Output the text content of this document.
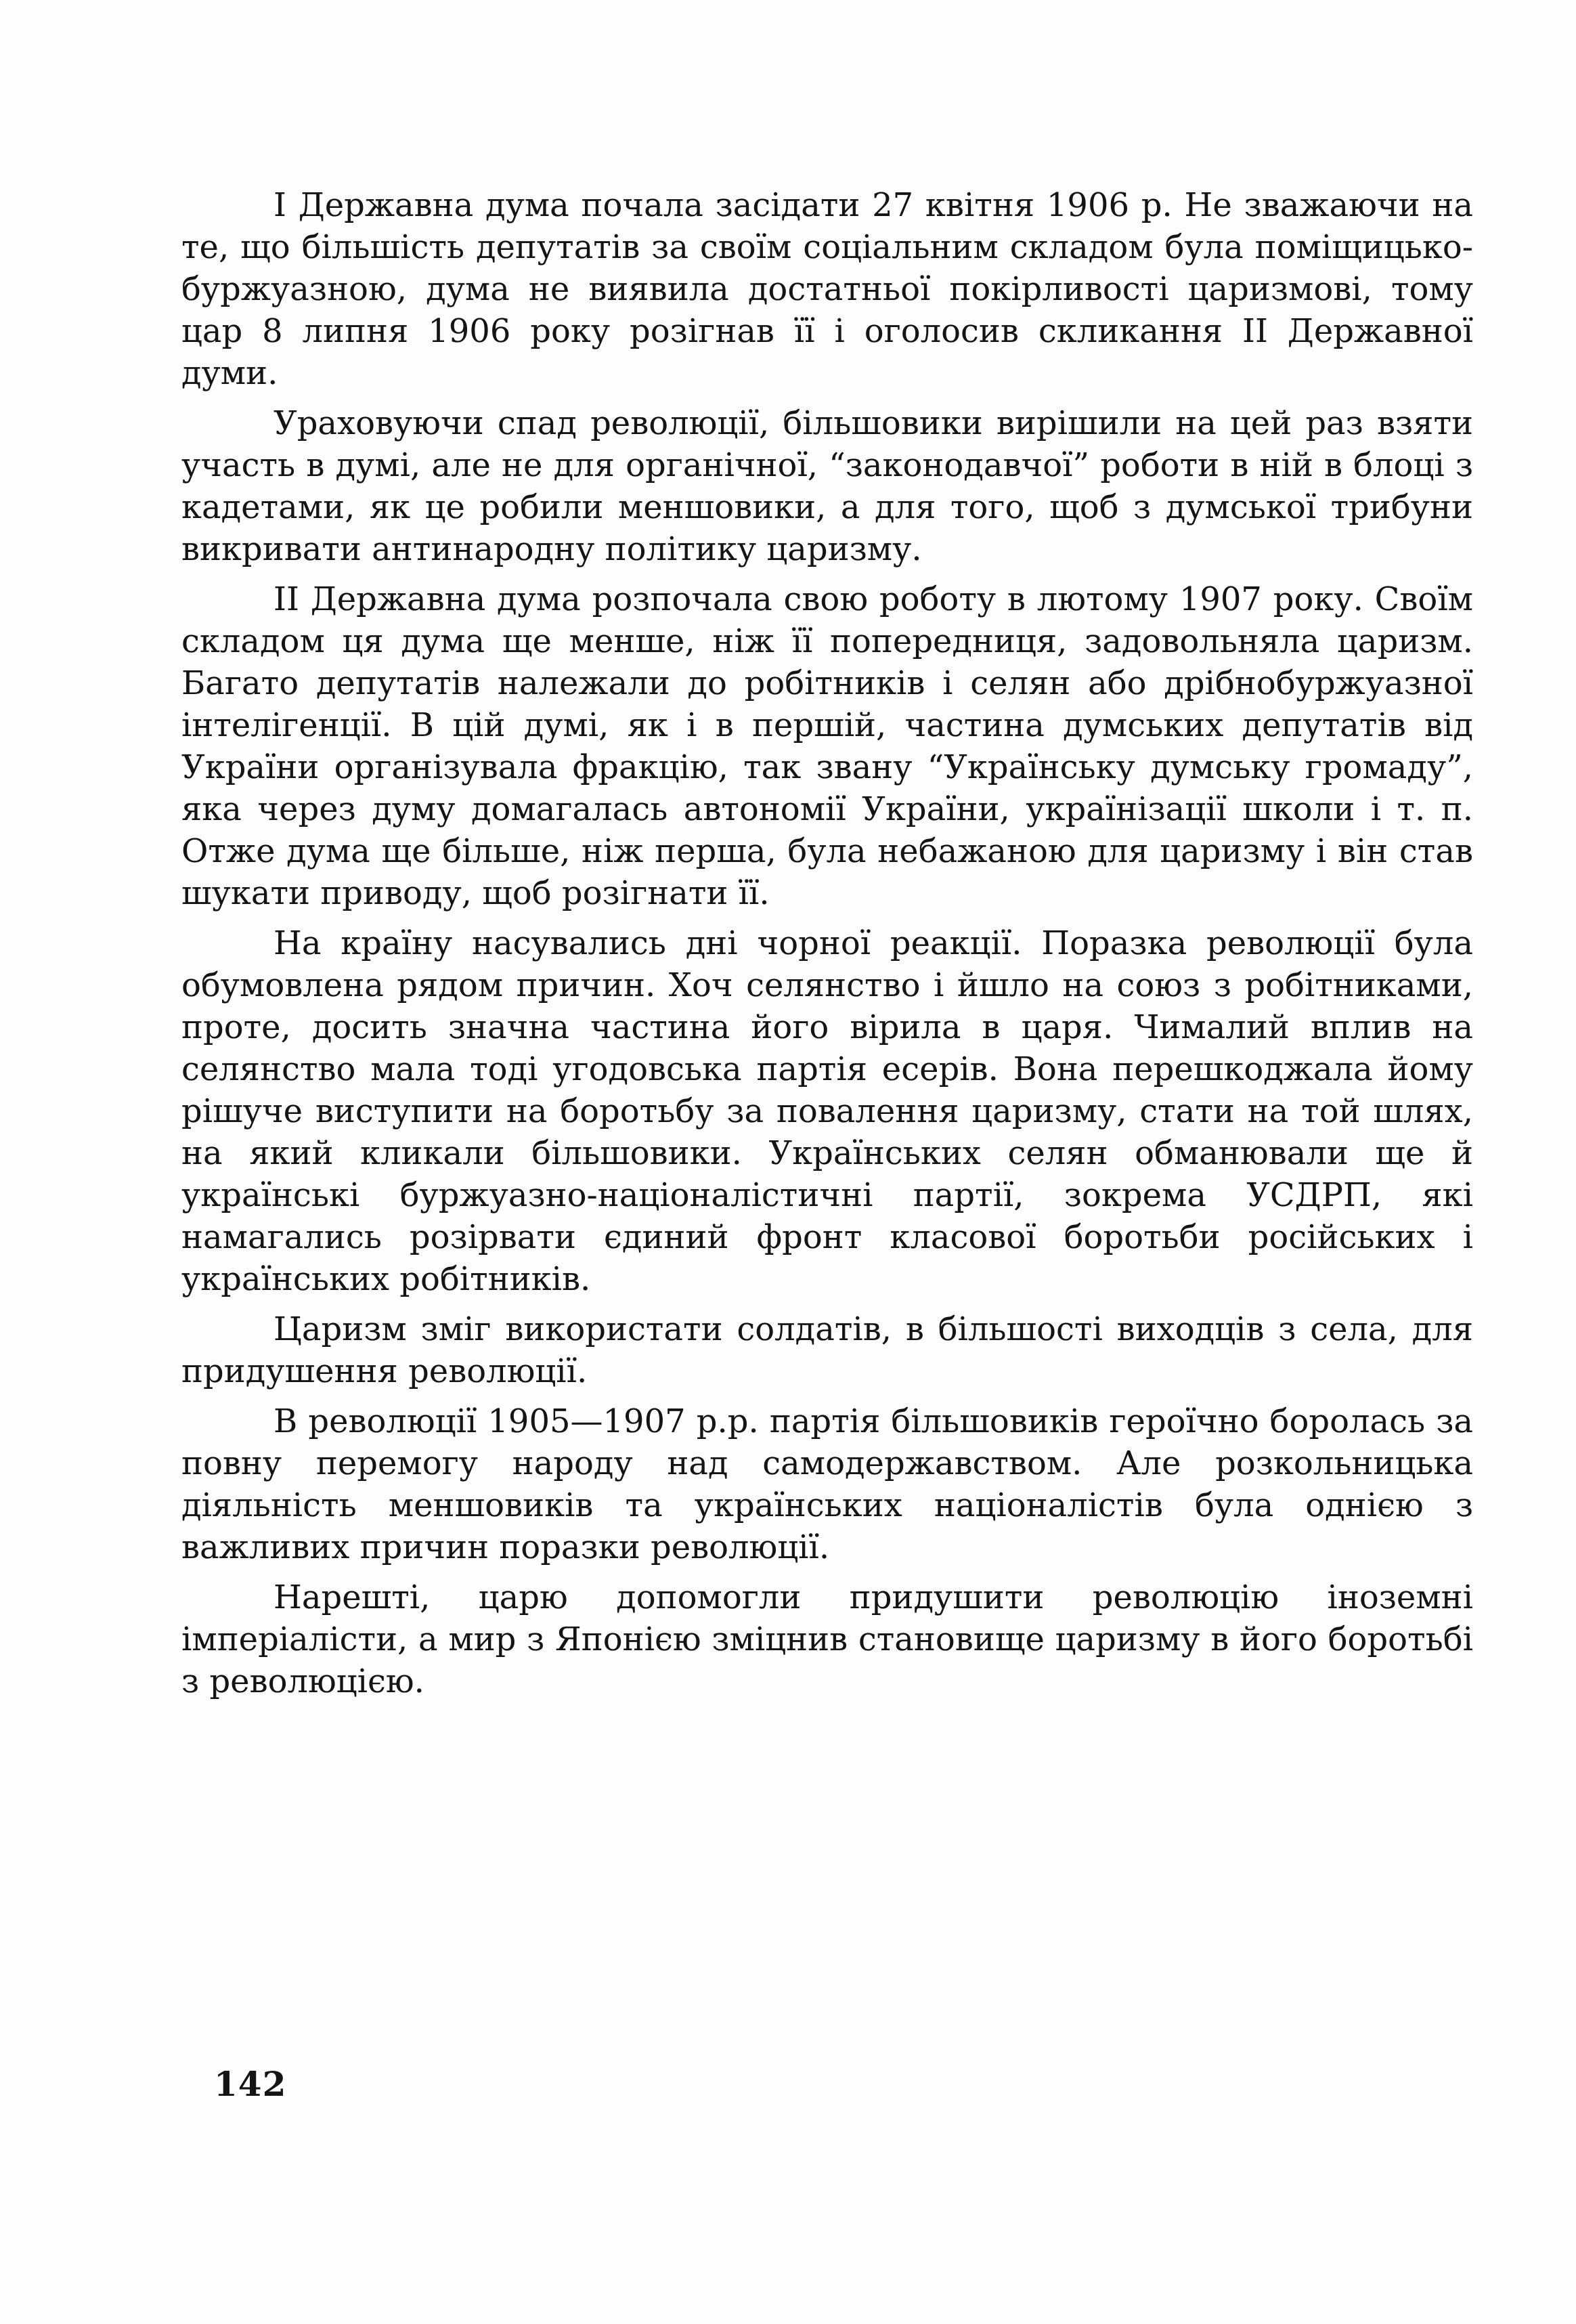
I Державна дума почала засідати 27 квітня 1906 р. Не зважаючи на те, що більшість депутатів за своїм соціальним складом була поміщицько-буржуазною, дума не виявила достатньої покірливості царизмові, тому цар 8 липня 1906 року розігнав її і оголосив скликання II Державної думи.

Ураховуючи спад революції, більшовики вирішили на цей раз взяти участь в думі, але не для органічної, “законодавчої” роботи в ній в блоці з кадетами, як це робили меншовики, а для того, щоб з думської трибуни викривати антинародну політику царизму.

II Державна дума розпочала свою роботу в лютому 1907 року. Своїм складом ця дума ще менше, ніж її попередниця, задовольняла царизм. Багато депутатів належали до робітників і селян або дрібнобуржуазної інтелігенції. В цій думі, як і в першій, частина думських депутатів від України організувала фракцію, так звану “Українську думську громаду”, яка через думу домагалась автономії України, українізації школи і т. п. Отже дума ще більше, ніж перша, була небажаною для царизму і він став шукати приводу, щоб розігнати її.

На країну насувались дні чорної реакції. Поразка революції була обумовлена рядом причин. Хоч селянство і йшло на союз з робітниками, проте, досить значна частина його вірила в царя. Чималий вплив на селянство мала тоді угодовська партія есерів. Вона перешкоджала йому рішуче виступити на боротьбу за повалення царизму, стати на той шлях, на який кликали більшовики. Українських селян обманювали ще й українські буржуазно-націоналістичні партії, зокрема УСДРП, які намагались розірвати єдиний фронт класової боротьби російських і українських робітників.

Царизм зміг використати солдатів, в більшості виходців з села, для придушення революції.

В революції 1905—1907 р.р. партія більшовиків героїчно боролась за повну перемогу народу над самодержавством. Але розкольницька діяльність меншовиків та українських націоналістів була однією з важливих причин поразки революції.

Нарешті, царю допомогли придушити революцію іноземні імперіалісти, а мир з Японією зміцнив становище царизму в його боротьбі з революцією.

142
